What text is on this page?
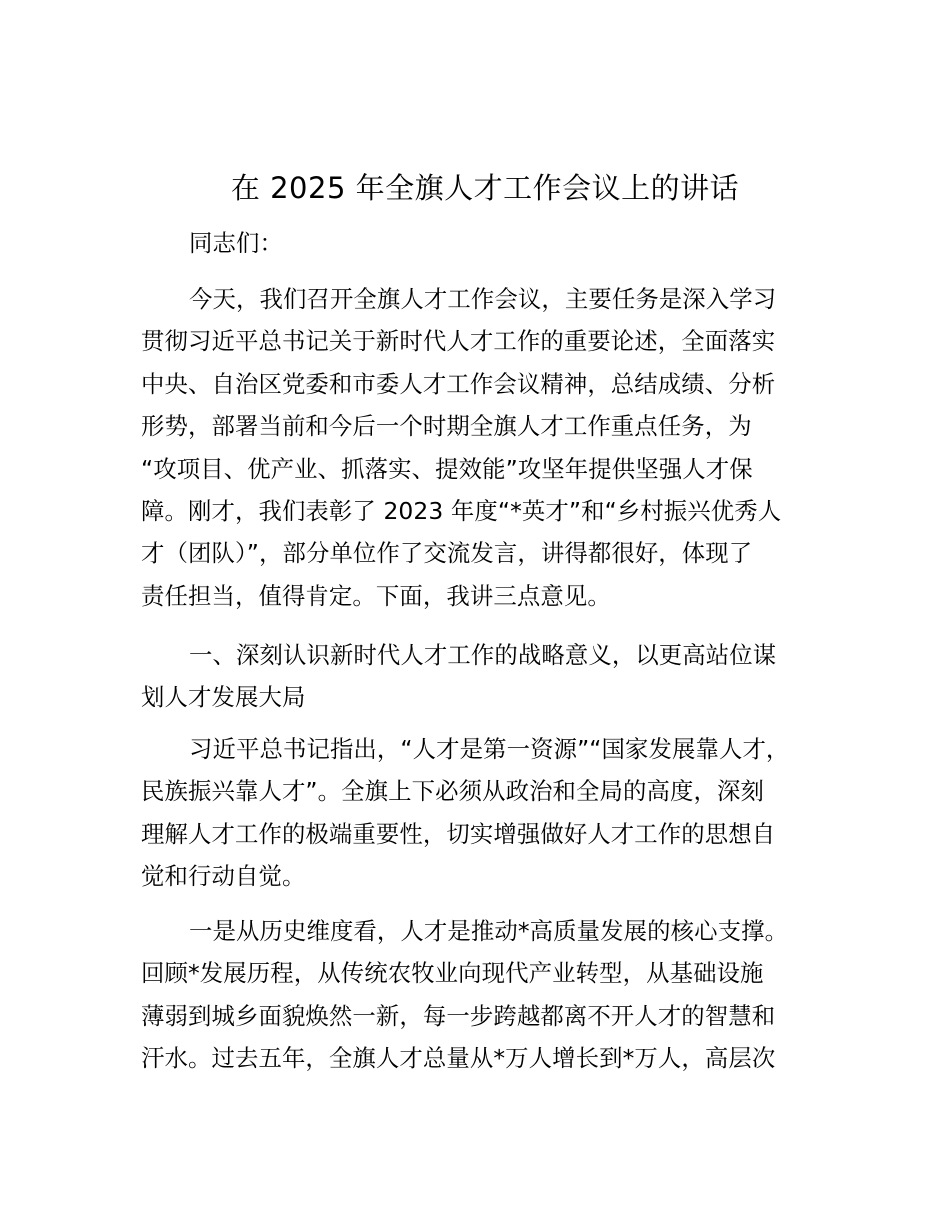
在 2025 年全旗人才工作会议上的讲话
同志们：
今天，我们召开全旗人才工作会议，主要任务是深入学习
贯彻习近平总书记关于新时代人才工作的重要论述，全面落实
中央、自治区党委和市委人才工作会议精神，总结成绩、分析
形势，部署当前和今后一个时期全旗人才工作重点任务，为
“攻项目、优产业、抓落实、提效能”攻坚年提供坚强人才保
障。刚才，我们表彰了 2023 年度“*英才”和“乡村振兴优秀人
才（团队）”，部分单位作了交流发言，讲得都很好，体现了
责任担当，值得肯定。下面，我讲三点意见。
一、深刻认识新时代人才工作的战略意义，以更高站位谋
划人才发展大局
习近平总书记指出，“人才是第一资源”“国家发展靠人才，
民族振兴靠人才”。全旗上下必须从政治和全局的高度，深刻
理解人才工作的极端重要性，切实增强做好人才工作的思想自
觉和行动自觉。
一是从历史维度看，人才是推动*高质量发展的核心支撑。
回顾*发展历程，从传统农牧业向现代产业转型，从基础设施
薄弱到城乡面貌焕然一新，每一步跨越都离不开人才的智慧和
汗水。过去五年，全旗人才总量从*万人增长到*万人，高层次
